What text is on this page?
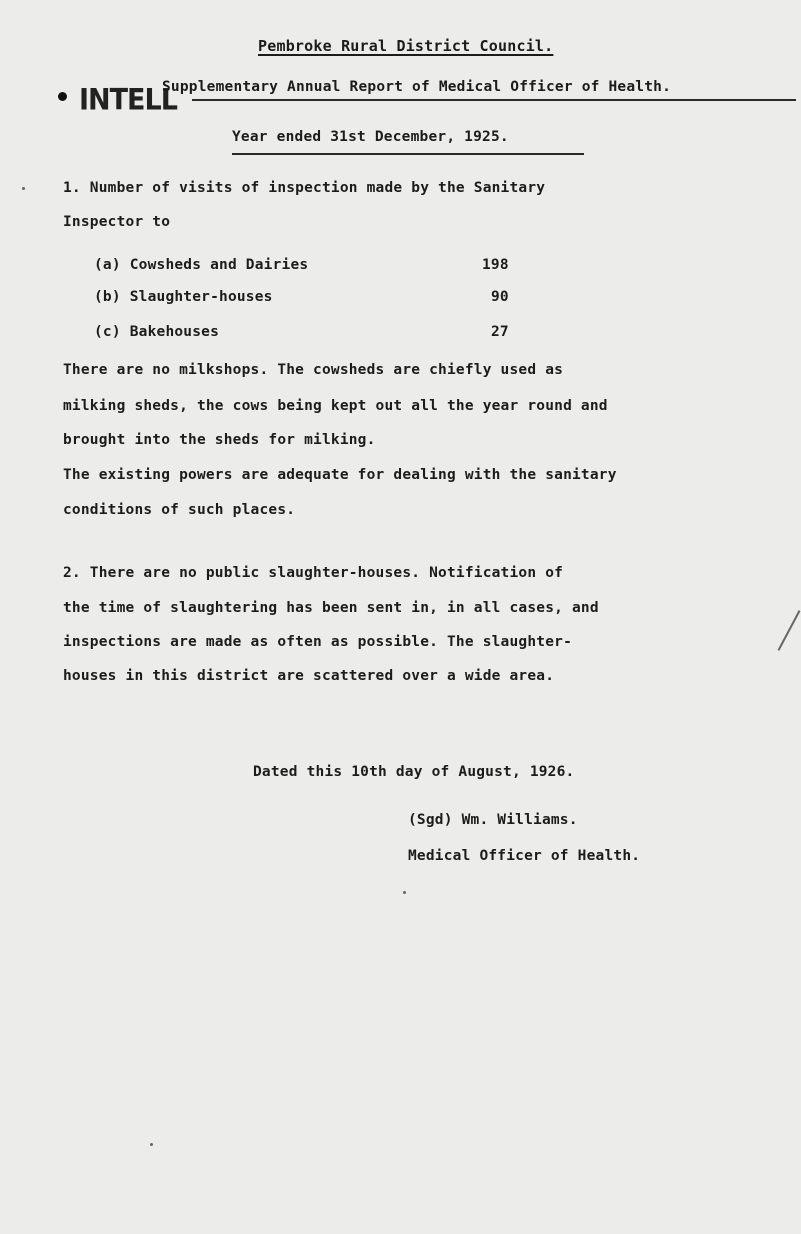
Pembroke Rural District Council.
INTELL
Supplementary Annual Report of Medical Officer of Health.
Year ended 31st December, 1925.
1. Number of visits of inspection made by the Sanitary
Inspector to
(a) Cowsheds and Dairies	198
(b) Slaughter-houses	90
(c) Bakehouses	27
There are no milkshops. The cowsheds are chiefly used as
milking sheds, the cows being kept out all the year round and
brought into the sheds for milking.
The existing powers are adequate for dealing with the sanitary
conditions of such places.
2. There are no public slaughter-houses. Notification of
the time of slaughtering has been sent in, in all cases, and
inspections are made as often as possible. The slaughter-
houses in this district are scattered over a wide area.
Dated this 10th day of August, 1926.
(Sgd) Wm. Williams.
Medical Officer of Health.
